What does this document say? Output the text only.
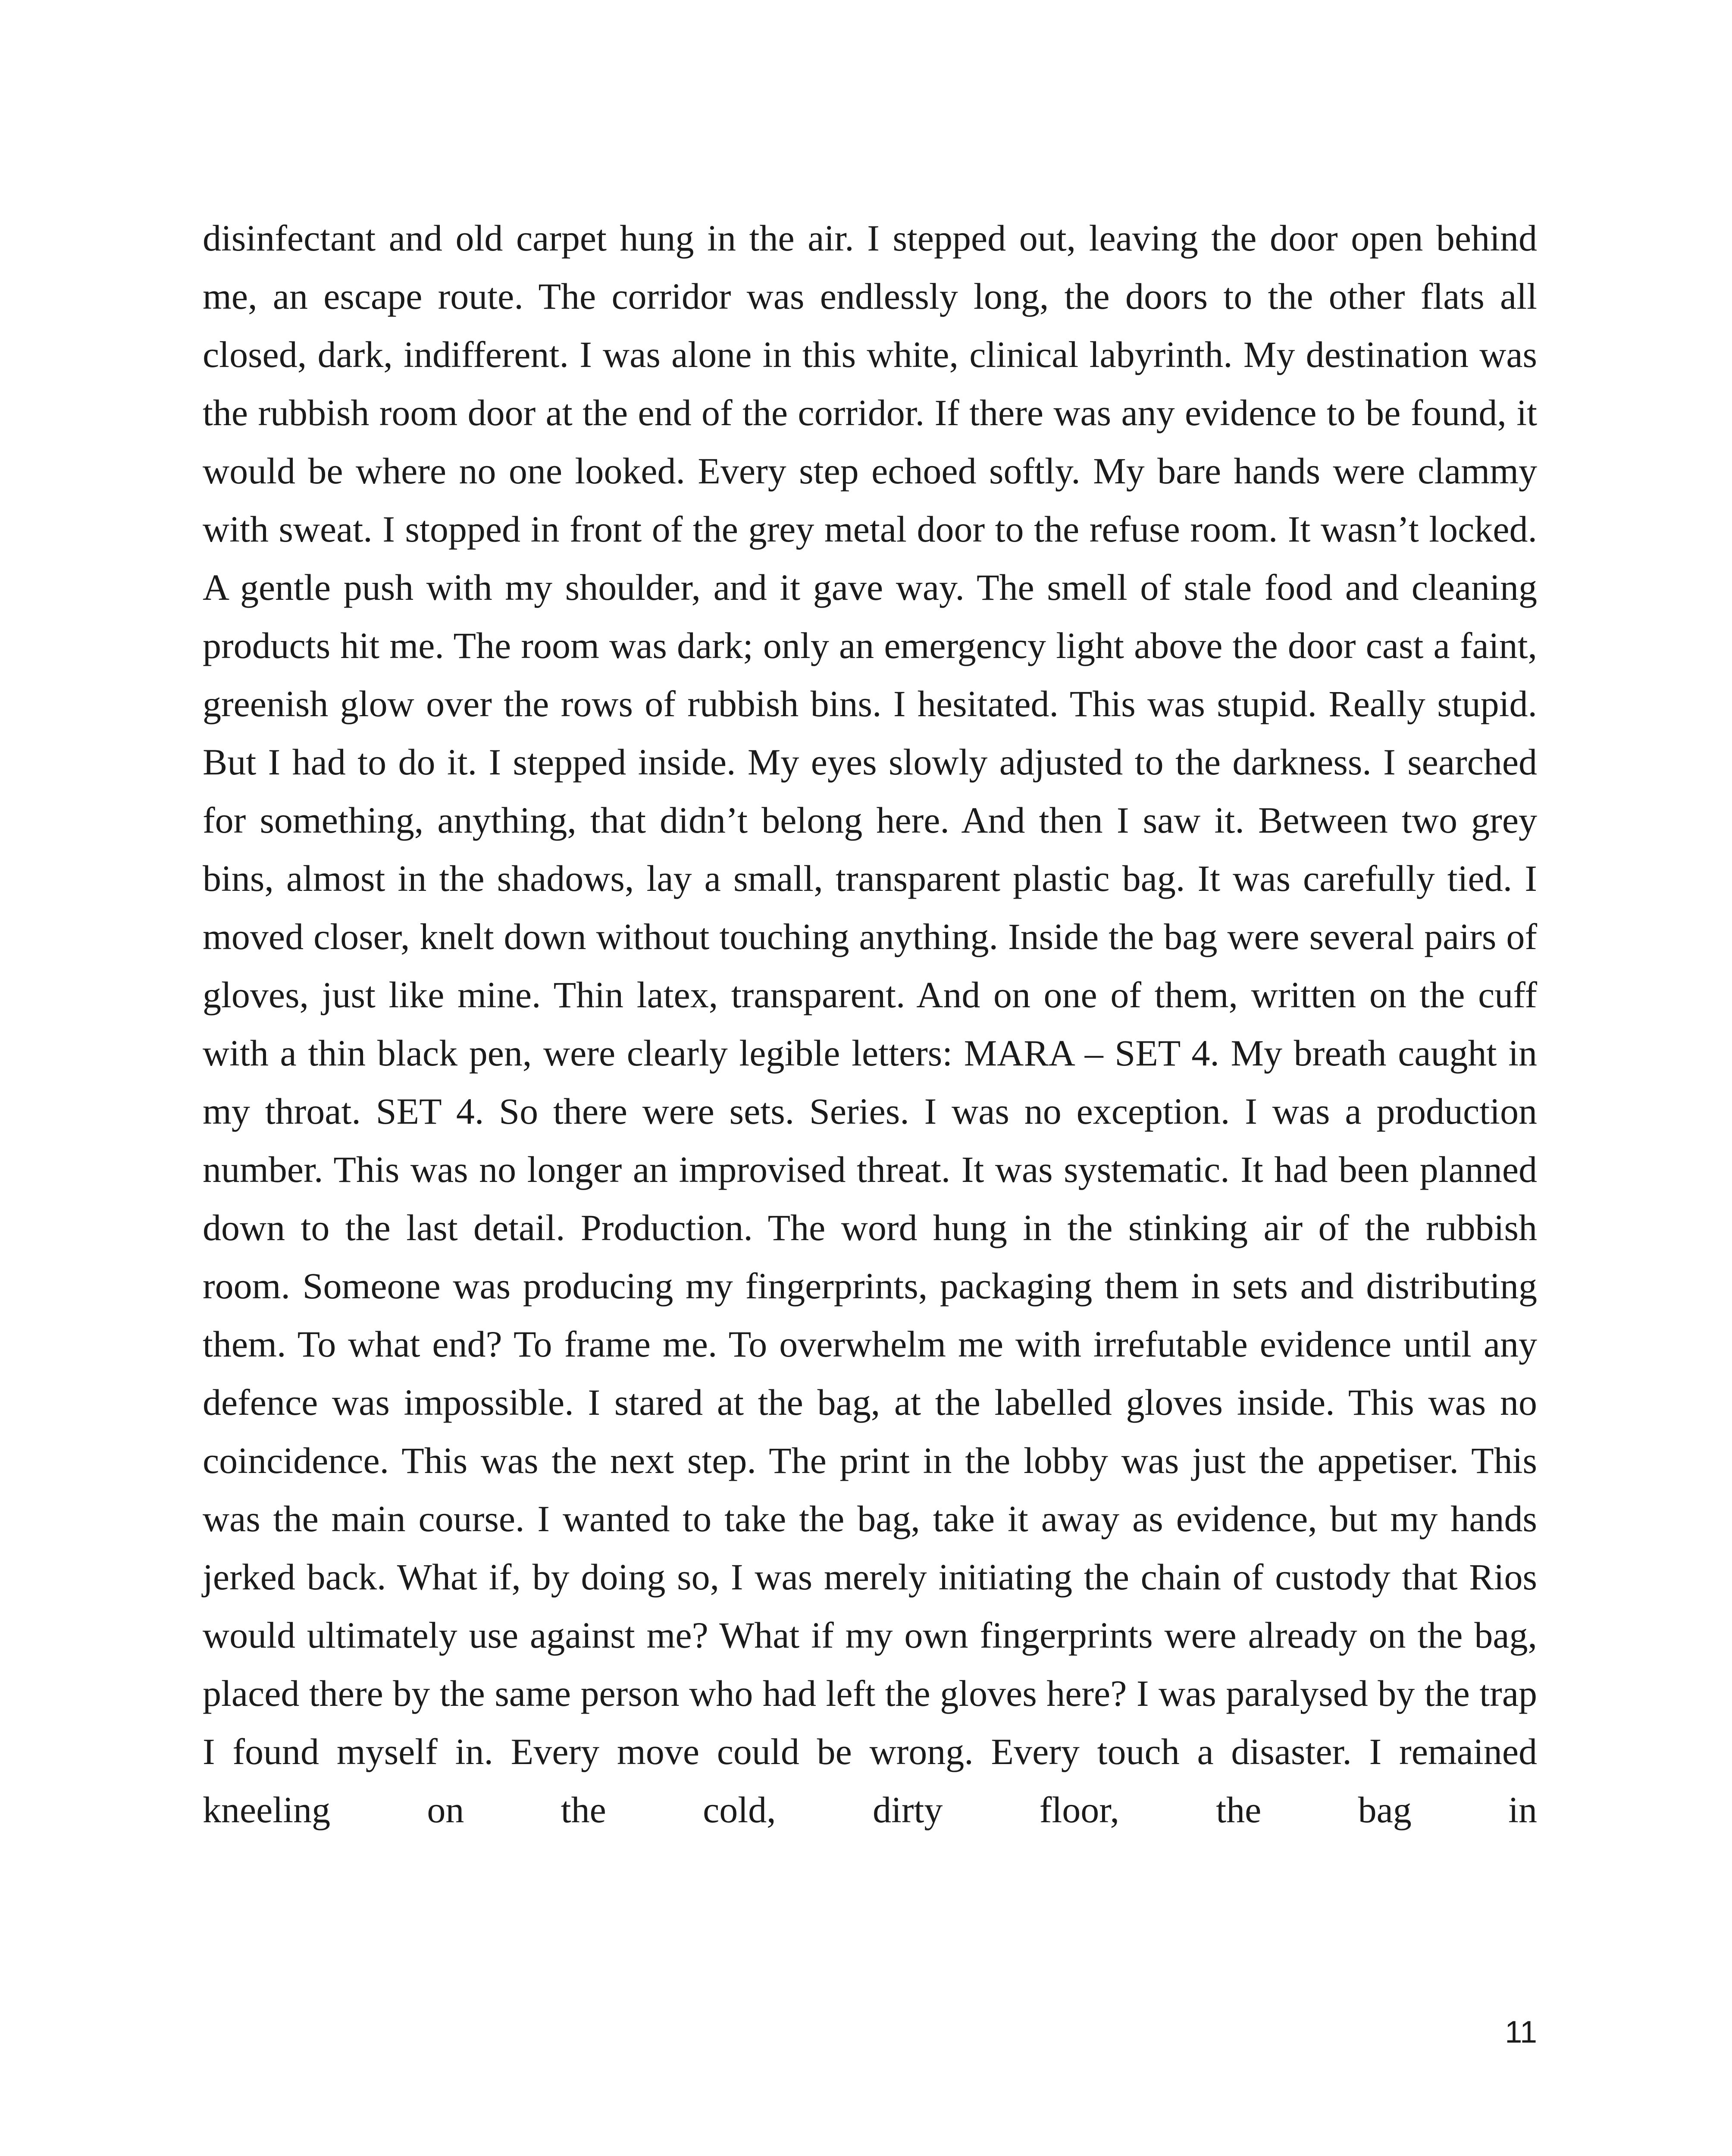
disinfectant and old carpet hung in the air. I stepped out, leaving the door open behind me, an escape route. The corridor was endlessly long, the doors to the other flats all closed, dark, indifferent. I was alone in this white, clinical labyrinth. My destination was the rubbish room door at the end of the corridor. If there was any evidence to be found, it would be where no one looked. Every step echoed softly. My bare hands were clammy with sweat. I stopped in front of the grey metal door to the refuse room. It wasn’t locked. A gentle push with my shoulder, and it gave way. The smell of stale food and cleaning products hit me. The room was dark; only an emergency light above the door cast a faint, greenish glow over the rows of rubbish bins. I hesitated. This was stupid. Really stupid. But I had to do it. I stepped inside. My eyes slowly adjusted to the darkness. I searched for something, anything, that didn’t belong here. And then I saw it. Between two grey bins, almost in the shadows, lay a small, transparent plastic bag. It was carefully tied. I moved closer, knelt down without touching anything. Inside the bag were several pairs of gloves, just like mine. Thin latex, transparent. And on one of them, written on the cuff with a thin black pen, were clearly legible letters: MARA – SET 4. My breath caught in my throat. SET 4. So there were sets. Series. I was no exception. I was a production number. This was no longer an improvised threat. It was systematic. It had been planned down to the last detail. Production. The word hung in the stinking air of the rubbish room. Someone was producing my fingerprints, packaging them in sets and distributing them. To what end? To frame me. To overwhelm me with irrefutable evidence until any defence was impossible. I stared at the bag, at the labelled gloves inside. This was no coincidence. This was the next step. The print in the lobby was just the appetiser. This was the main course. I wanted to take the bag, take it away as evidence, but my hands jerked back. What if, by doing so, I was merely initiating the chain of custody that Rios would ultimately use against me? What if my own fingerprints were already on the bag, placed there by the same person who had left the gloves here? I was paralysed by the trap I found myself in. Every move could be wrong. Every touch a disaster. I remained kneeling on the cold, dirty floor, the bag in

11
